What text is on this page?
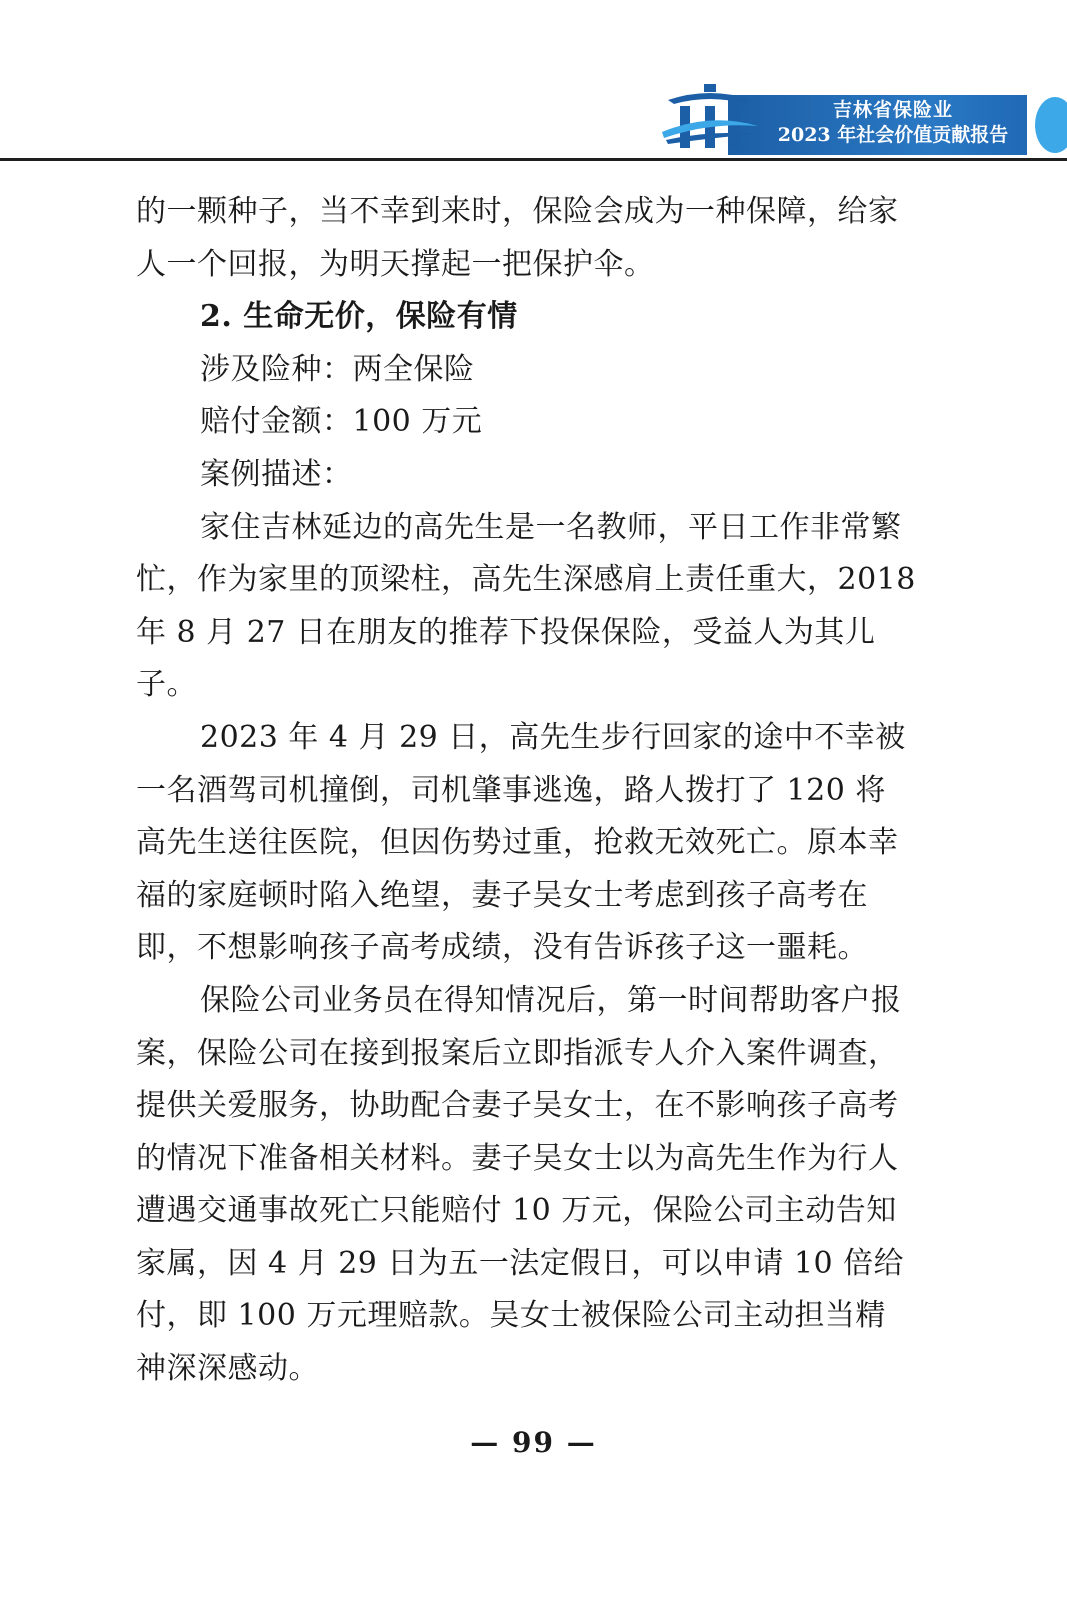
吉林省保险业
2023 年社会价值贡献报告

的一颗种子，当不幸到来时，保险会成为一种保障，给家人一个回报，为明天撑起一把保护伞。

2. 生命无价，保险有情

涉及险种：两全保险

赔付金额：100 万元

案例描述：

家住吉林延边的高先生是一名教师，平日工作非常繁忙，作为家里的顶梁柱，高先生深感肩上责任重大，2018 年 8 月 27 日在朋友的推荐下投保保险，受益人为其儿子。

2023 年 4 月 29 日，高先生步行回家的途中不幸被一名酒驾司机撞倒，司机肇事逃逸，路人拨打了 120 将高先生送往医院，但因伤势过重，抢救无效死亡。原本幸福的家庭顿时陷入绝望，妻子吴女士考虑到孩子高考在即，不想影响孩子高考成绩，没有告诉孩子这一噩耗。

保险公司业务员在得知情况后，第一时间帮助客户报案，保险公司在接到报案后立即指派专人介入案件调查，提供关爱服务，协助配合妻子吴女士，在不影响孩子高考的情况下准备相关材料。妻子吴女士以为高先生作为行人遭遇交通事故死亡只能赔付 10 万元，保险公司主动告知家属，因 4 月 29 日为五一法定假日，可以申请 10 倍给付，即 100 万元理赔款。吴女士被保险公司主动担当精神深深感动。

— 99 —
